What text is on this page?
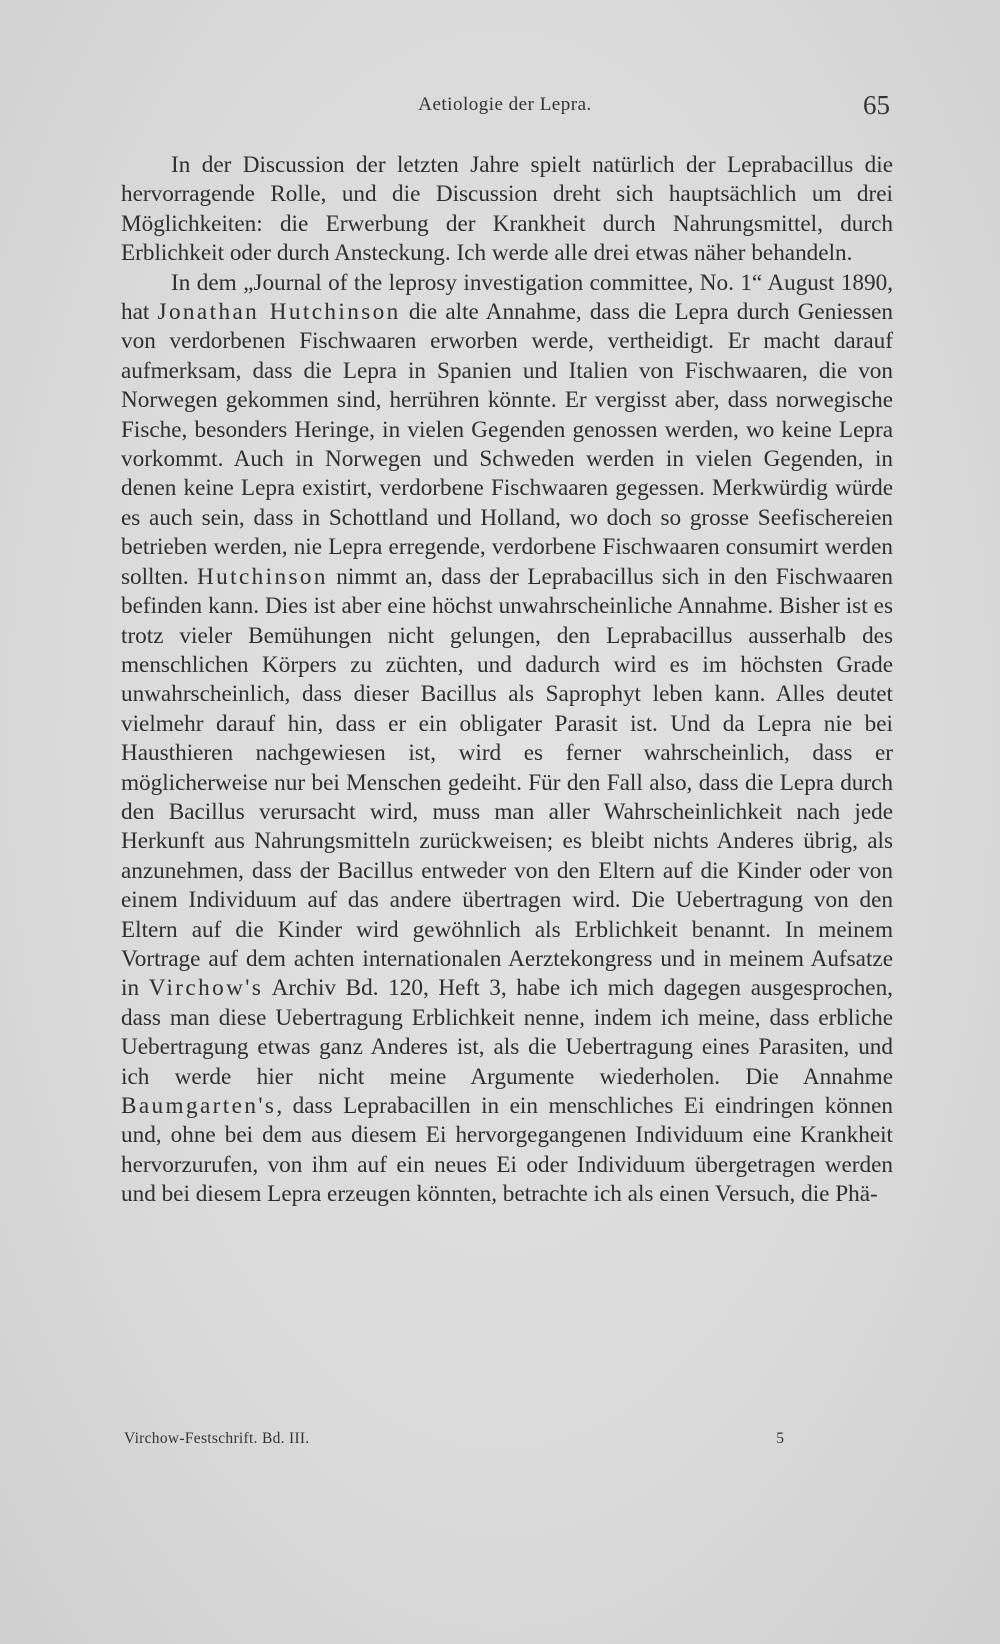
Aetiologie der Lepra.	65

In der Discussion der letzten Jahre spielt natürlich der Leprabacillus die hervorragende Rolle, und die Discussion dreht sich hauptsächlich um drei Möglichkeiten: die Erwerbung der Krankheit durch Nahrungsmittel, durch Erblichkeit oder durch Ansteckung. Ich werde alle drei etwas näher behandeln.

In dem „Journal of the leprosy investigation committee, No. 1“ August 1890, hat Jonathan Hutchinson die alte Annahme, dass die Lepra durch Geniessen von verdorbenen Fischwaaren erworben werde, vertheidigt. Er macht darauf aufmerksam, dass die Lepra in Spanien und Italien von Fischwaaren, die von Norwegen gekommen sind, herrühren könnte. Er vergisst aber, dass norwegische Fische, besonders Heringe, in vielen Gegenden genossen werden, wo keine Lepra vorkommt. Auch in Norwegen und Schweden werden in vielen Gegenden, in denen keine Lepra existirt, verdorbene Fischwaaren gegessen. Merkwürdig würde es auch sein, dass in Schottland und Holland, wo doch so grosse Seefischereien betrieben werden, nie Lepra erregende, verdorbene Fischwaaren consumirt werden sollten. Hutchinson nimmt an, dass der Leprabacillus sich in den Fischwaaren befinden kann. Dies ist aber eine höchst unwahrscheinliche Annahme. Bisher ist es trotz vieler Bemühungen nicht gelungen, den Leprabacillus ausserhalb des menschlichen Körpers zu züchten, und dadurch wird es im höchsten Grade unwahrscheinlich, dass dieser Bacillus als Saprophyt leben kann. Alles deutet vielmehr darauf hin, dass er ein obligater Parasit ist. Und da Lepra nie bei Hausthieren nachgewiesen ist, wird es ferner wahrscheinlich, dass er möglicherweise nur bei Menschen gedeiht. Für den Fall also, dass die Lepra durch den Bacillus verursacht wird, muss man aller Wahrscheinlichkeit nach jede Herkunft aus Nahrungsmitteln zurückweisen; es bleibt nichts Anderes übrig, als anzunehmen, dass der Bacillus entweder von den Eltern auf die Kinder oder von einem Individuum auf das andere übertragen wird. Die Uebertragung von den Eltern auf die Kinder wird gewöhnlich als Erblichkeit benannt. In meinem Vortrage auf dem achten internationalen Aerztekongress und in meinem Aufsatze in Virchow's Archiv Bd. 120, Heft 3, habe ich mich dagegen ausgesprochen, dass man diese Uebertragung Erblichkeit nenne, indem ich meine, dass erbliche Uebertragung etwas ganz Anderes ist, als die Uebertragung eines Parasiten, und ich werde hier nicht meine Argumente wiederholen. Die Annahme Baumgarten's, dass Leprabacillen in ein menschliches Ei eindringen können und, ohne bei dem aus diesem Ei hervorgegangenen Individuum eine Krankheit hervorzurufen, von ihm auf ein neues Ei oder Individuum übergetragen werden und bei diesem Lepra erzeugen könnten, betrachte ich als einen Versuch, die Phä-

Virchow-Festschrift. Bd. III.	5
